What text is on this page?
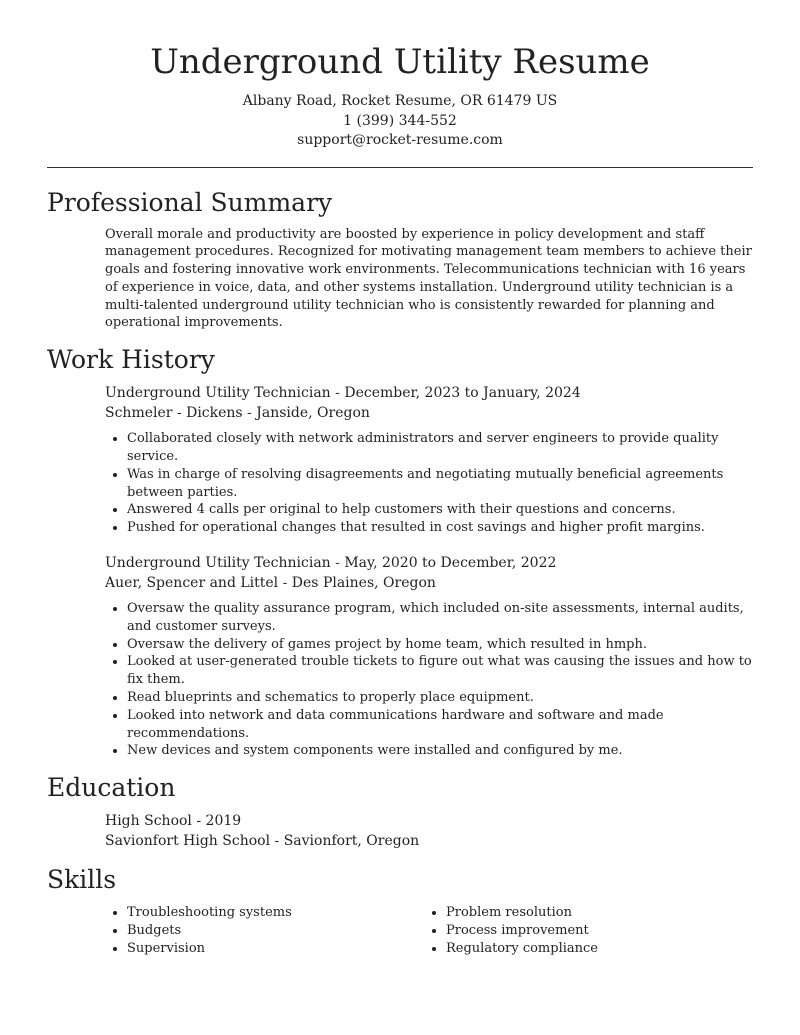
Underground Utility Resume
Albany Road, Rocket Resume, OR 61479 US
1 (399) 344-552
support@rocket-resume.com
Professional Summary
Overall morale and productivity are boosted by experience in policy development and staff management procedures. Recognized for motivating management team members to achieve their goals and fostering innovative work environments. Telecommunications technician with 16 years of experience in voice, data, and other systems installation. Underground utility technician is a multi-talented underground utility technician who is consistently rewarded for planning and operational improvements.
Work History
Underground Utility Technician - December, 2023 to January, 2024
Schmeler - Dickens - Janside, Oregon
• Collaborated closely with network administrators and server engineers to provide quality service.
• Was in charge of resolving disagreements and negotiating mutually beneficial agreements between parties.
• Answered 4 calls per original to help customers with their questions and concerns.
• Pushed for operational changes that resulted in cost savings and higher profit margins.
Underground Utility Technician - May, 2020 to December, 2022
Auer, Spencer and Littel - Des Plaines, Oregon
• Oversaw the quality assurance program, which included on-site assessments, internal audits, and customer surveys.
• Oversaw the delivery of games project by home team, which resulted in hmph.
• Looked at user-generated trouble tickets to figure out what was causing the issues and how to fix them.
• Read blueprints and schematics to properly place equipment.
• Looked into network and data communications hardware and software and made recommendations.
• New devices and system components were installed and configured by me.
Education
High School - 2019
Savionfort High School - Savionfort, Oregon
Skills
• Troubleshooting systems
• Budgets
• Supervision
• Problem resolution
• Process improvement
• Regulatory compliance
